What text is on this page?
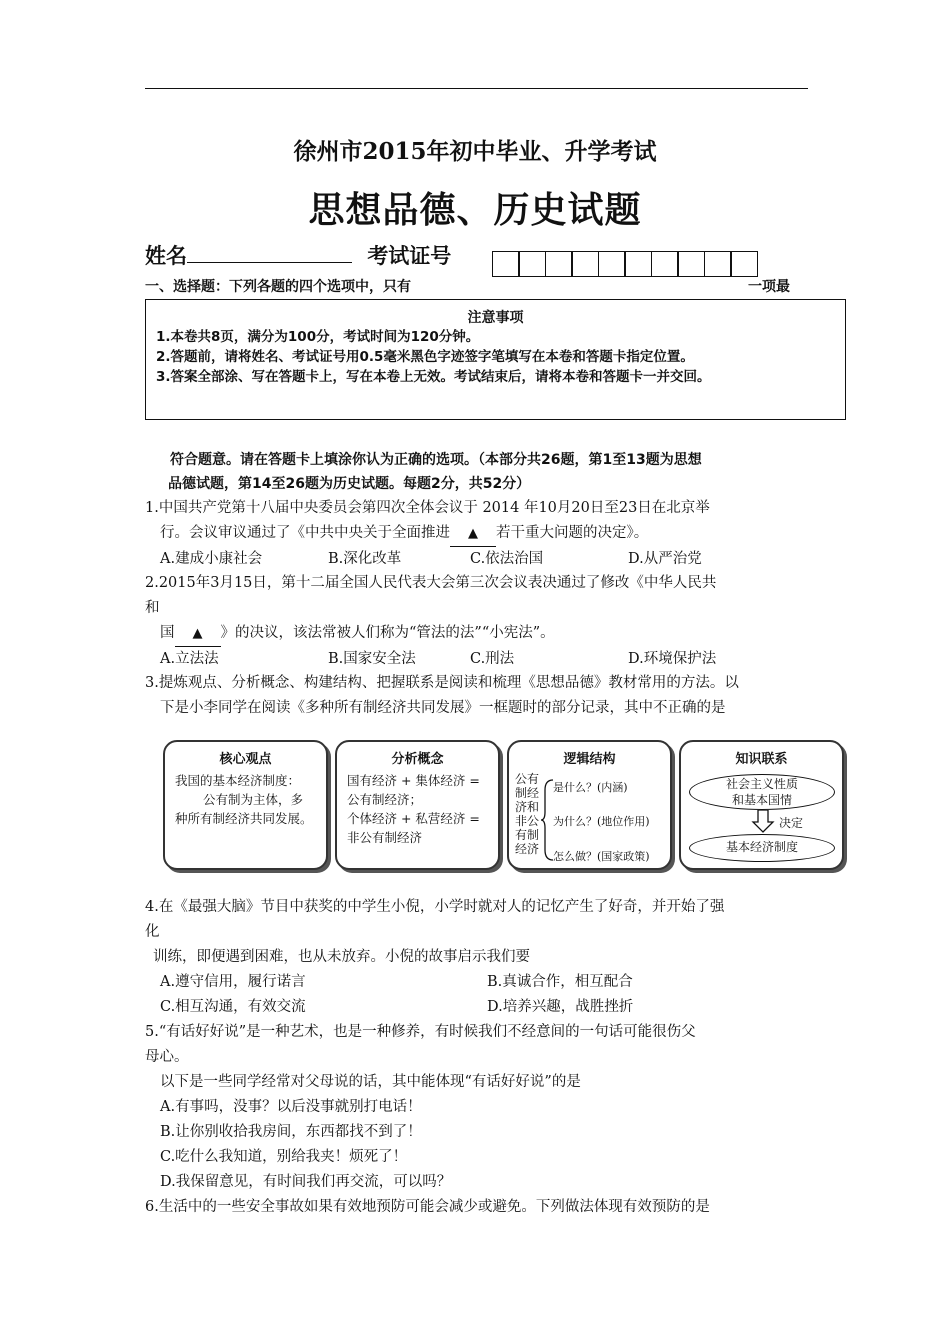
徐州市2015年初中毕业、升学考试
思想品德、历史试题
姓名	考试证号
一、选择题：下列各题的四个选项中，只有	一项最
注意事项
1.本卷共8页，满分为100分，考试时间为120分钟。
2.答题前，请将姓名、考试证号用0.5毫米黑色字迹签字笔填写在本卷和答题卡指定位置。
3.答案全部涂、写在答题卡上，写在本卷上无效。考试结束后，请将本卷和答题卡一并交回。
符合题意。请在答题卡上填涂你认为正确的选项。（本部分共26题，第1至13题为思想
品德试题，第14至26题为历史试题。每题2分，共52分）
1.中国共产党第十八届中央委员会第四次全体会议于 2014 年10月20日至23日在北京举
行。会议审议通过了《中共中央关于全面推进 ▲ 若干重大问题的决定》。
A.建成小康社会	B.深化改革	C.依法治国	D.从严治党
2.2015年3月15日，第十二届全国人民代表大会第三次会议表决通过了修改《中华人民共
和
国 ▲ 》的决议，该法常被人们称为“管法的法”“小宪法”。
A.立法法	B.国家安全法	C.刑法	D.环境保护法
3.提炼观点、分析概念、构建结构、把握联系是阅读和梳理《思想品德》教材常用的方法。以
下是小李同学在阅读《多种所有制经济共同发展》一框题时的部分记录，其中不正确的是
核心观点
我国的基本经济制度：
公有制为主体，多
种所有制经济共同发展。
分析概念
国有经济 + 集体经济 =
公有制经济；
个体经济 + 私营经济 =
非公有制经济
逻辑结构
公有制经济和非公有制经济
是什么？(内涵)
为什么？(地位作用)
怎么做？(国家政策)
知识联系
社会主义性质
和基本国情
决定
基本经济制度
4.在《最强大脑》节目中获奖的中学生小倪，小学时就对人的记忆产生了好奇，并开始了强
化
训练，即便遇到困难，也从未放弃。小倪的故事启示我们要
A.遵守信用，履行诺言	B.真诚合作，相互配合
C.相互沟通，有效交流	D.培养兴趣，战胜挫折
5.“有话好好说”是一种艺术，也是一种修养，有时候我们不经意间的一句话可能很伤父
母心。
以下是一些同学经常对父母说的话，其中能体现“有话好好说”的是
A.有事吗，没事？以后没事就别打电话！
B.让你别收拾我房间，东西都找不到了！
C.吃什么我知道，别给我夹！烦死了！
D.我保留意见，有时间我们再交流，可以吗？
6.生活中的一些安全事故如果有效地预防可能会减少或避免。下列做法体现有效预防的是
